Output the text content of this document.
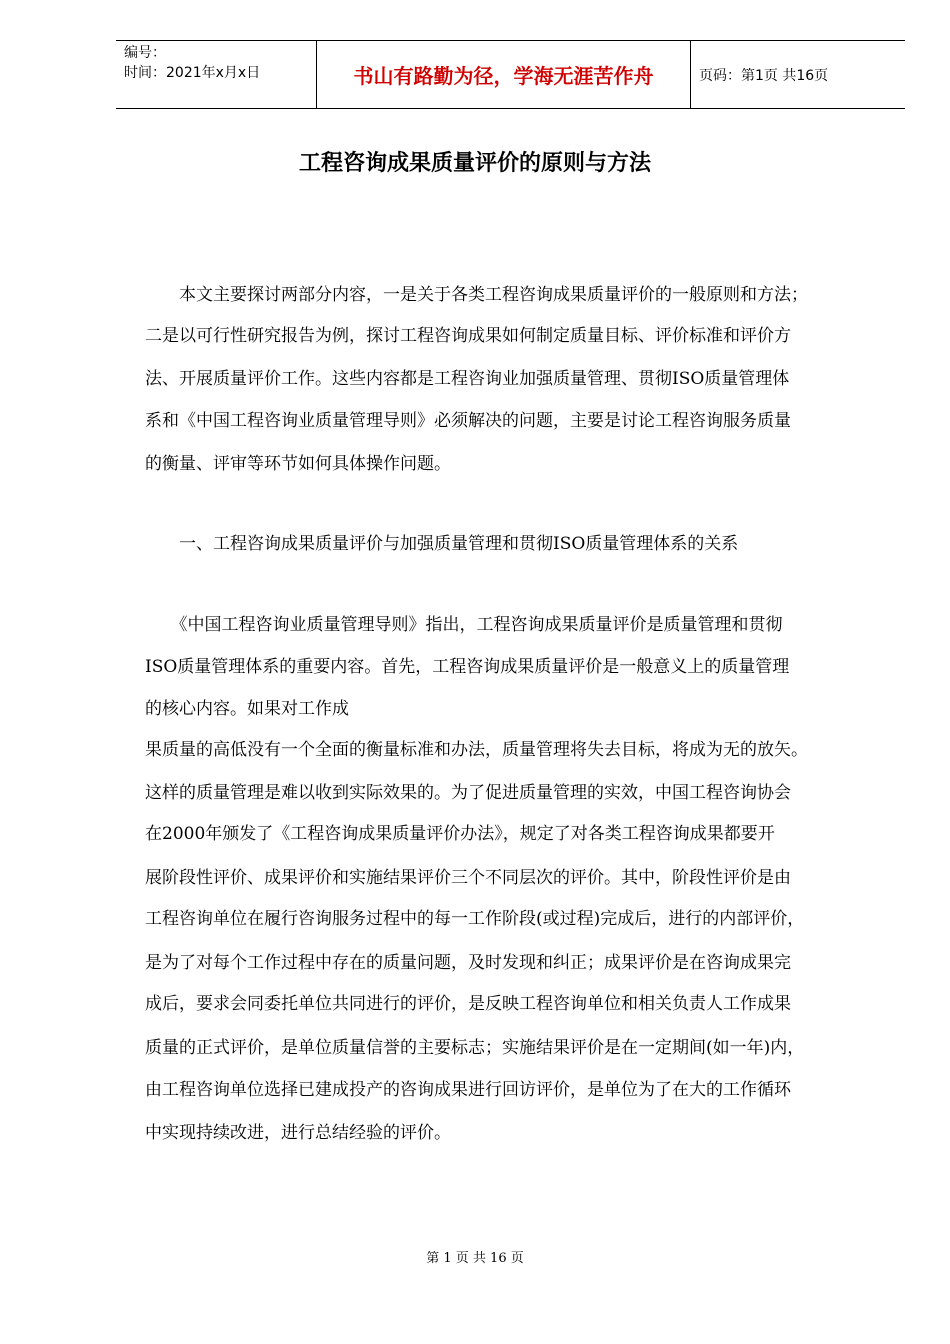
编号：
时间：2021年x月x日	书山有路勤为径，学海无涯苦作舟	页码：第1页 共16页
工程咨询成果质量评价的原则与方法
　　本文主要探讨两部分内容，一是关于各类工程咨询成果质量评价的一般原则和方法；
二是以可行性研究报告为例，探讨工程咨询成果如何制定质量目标、评价标准和评价方
法、开展质量评价工作。这些内容都是工程咨询业加强质量管理、贯彻ISO质量管理体
系和《中国工程咨询业质量管理导则》必须解决的问题，主要是讨论工程咨询服务质量
的衡量、评审等环节如何具体操作问题。
　　一、工程咨询成果质量评价与加强质量管理和贯彻ISO质量管理体系的关系
　　《中国工程咨询业质量管理导则》指出，工程咨询成果质量评价是质量管理和贯彻
ISO质量管理体系的重要内容。首先，工程咨询成果质量评价是一般意义上的质量管理
的核心内容。如果对工作成
果质量的高低没有一个全面的衡量标准和办法，质量管理将失去目标，将成为无的放矢。
这样的质量管理是难以收到实际效果的。为了促进质量管理的实效，中国工程咨询协会
在2000年颁发了《工程咨询成果质量评价办法》，规定了对各类工程咨询成果都要开
展阶段性评价、成果评价和实施结果评价三个不同层次的评价。其中，阶段性评价是由
工程咨询单位在履行咨询服务过程中的每一工作阶段(或过程)完成后，进行的内部评价，
是为了对每个工作过程中存在的质量问题，及时发现和纠正；成果评价是在咨询成果完
成后，要求会同委托单位共同进行的评价，是反映工程咨询单位和相关负责人工作成果
质量的正式评价，是单位质量信誉的主要标志；实施结果评价是在一定期间(如一年)内，
由工程咨询单位选择已建成投产的咨询成果进行回访评价，是单位为了在大的工作循环
中实现持续改进，进行总结经验的评价。
第 1 页 共 16 页
